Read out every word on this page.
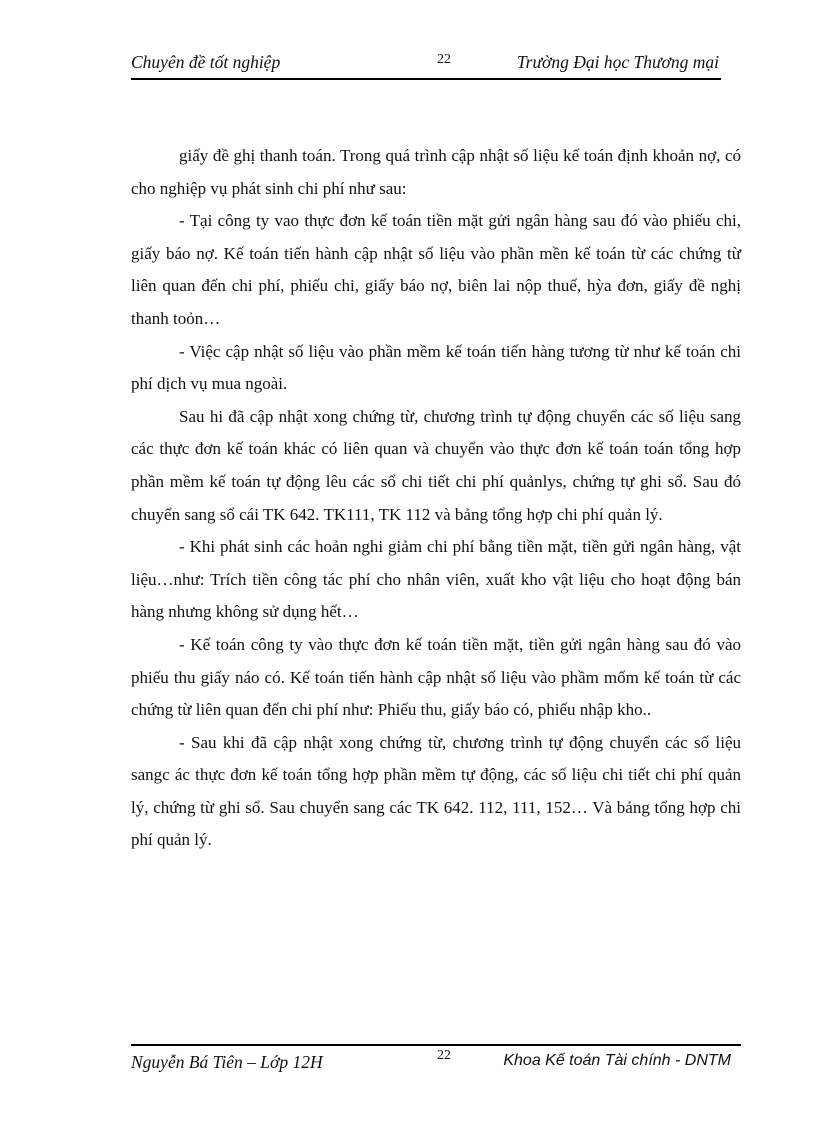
Chuyên đề tốt nghiệp	22	Trường Đại học Thương mại

giấy đề ghị thanh toán. Trong quá trình cập nhật số liệu kế toán định khoản nợ, có cho nghiệp vụ phát sinh chi phí như sau:

- Tại công ty vao thực đơn kế toán tiền mặt gửi ngân hàng sau đó vào phiếu chi, giấy báo nợ. Kế toán tiến hành cập nhật số liệu vào phần mền kế toán từ các chứng từ liên quan đến chi phí, phiếu chi, giấy báo nợ, biên lai nộp thuế, hỳa đơn, giấy đề nghị thanh toỏn…

- Việc cập nhật số liệu vào phần mềm kế toán tiến hàng tương từ như kế toán chi phí dịch vụ mua ngoài.

Sau hi đã cập nhật xong chứng từ, chương trình tự động chuyển các số liệu sang các thực đơn kế toán khác có liên quan và chuyển vào thực đơn kế toán toán tổng hợp phần mềm kế toán tự động lêu các sổ chi tiết chi phí quảnlys, chứng tự ghi sổ. Sau đó chuyển sang sổ cái TK 642. TK111, TK 112 và bảng tổng hợp chi phí quản lý.

- Khi phát sinh các hoản nghi giảm chi phí bằng tiền mặt, tiền gửi ngân hàng, vật liệu…như: Trích tiền công tác phí cho nhân viên, xuất kho vật liệu cho hoạt động bán hàng nhưng không sử dụng hết…

- Kế toán công ty vào thực đơn kế toán tiền mặt, tiền gửi ngân hàng sau đó vào phiếu thu giấy náo có. Kế toán tiến hành cập nhật số liệu vào phầm mốm kế toán từ các chứng từ liên quan đến chi phí như: Phiếu thu, giấy báo có, phiếu nhập kho..

- Sau khi đã cập nhật xong chứng từ, chương trình tự động chuyển các số liệu sangc ác thực đơn kế toán tổng hợp phần mềm tự động, các số liệu chi tiết chi phí quản lý, chứng từ ghi sổ. Sau chuyển sang các TK 642. 112, 111, 152… Và bảng tổng hợp chi phí quản lý.

Nguyễn Bá Tiên – Lớp 12H	22	Khoa Kế toán Tài chính - DNTM
